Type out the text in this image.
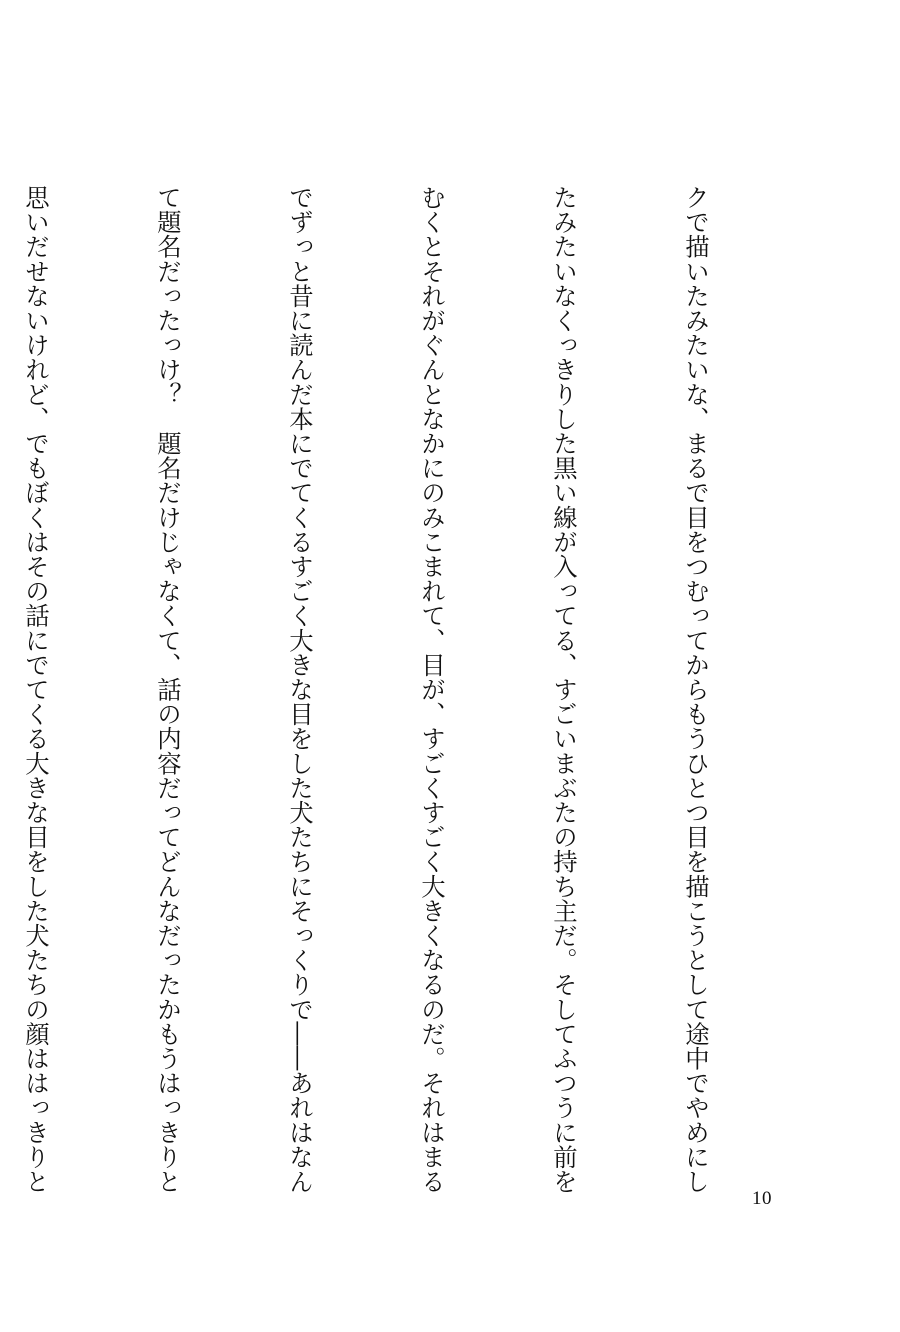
クで描いたみたいな、まるで目をつむってからもうひとつ目を描こうとして途中でやめにし

たみたいなくっきりした黒い線が入ってる、すごいまぶたの持ち主だ。そしてふつうに前を

むくとそれがぐんとなかにのみこまれて、目が、すごくすごく大きくなるのだ。それはまる

でずっと昔に読んだ本にでてくるすごく大きな目をした犬たちにそっくりで――あれはなん

て題名だったっけ？　題名だけじゃなくて、話の内容だってどんなだったかもうはっきりと

思いだせないけれど、でもぼくはその話にでてくる大きな目をした犬たちの顔ははっきりと

10
